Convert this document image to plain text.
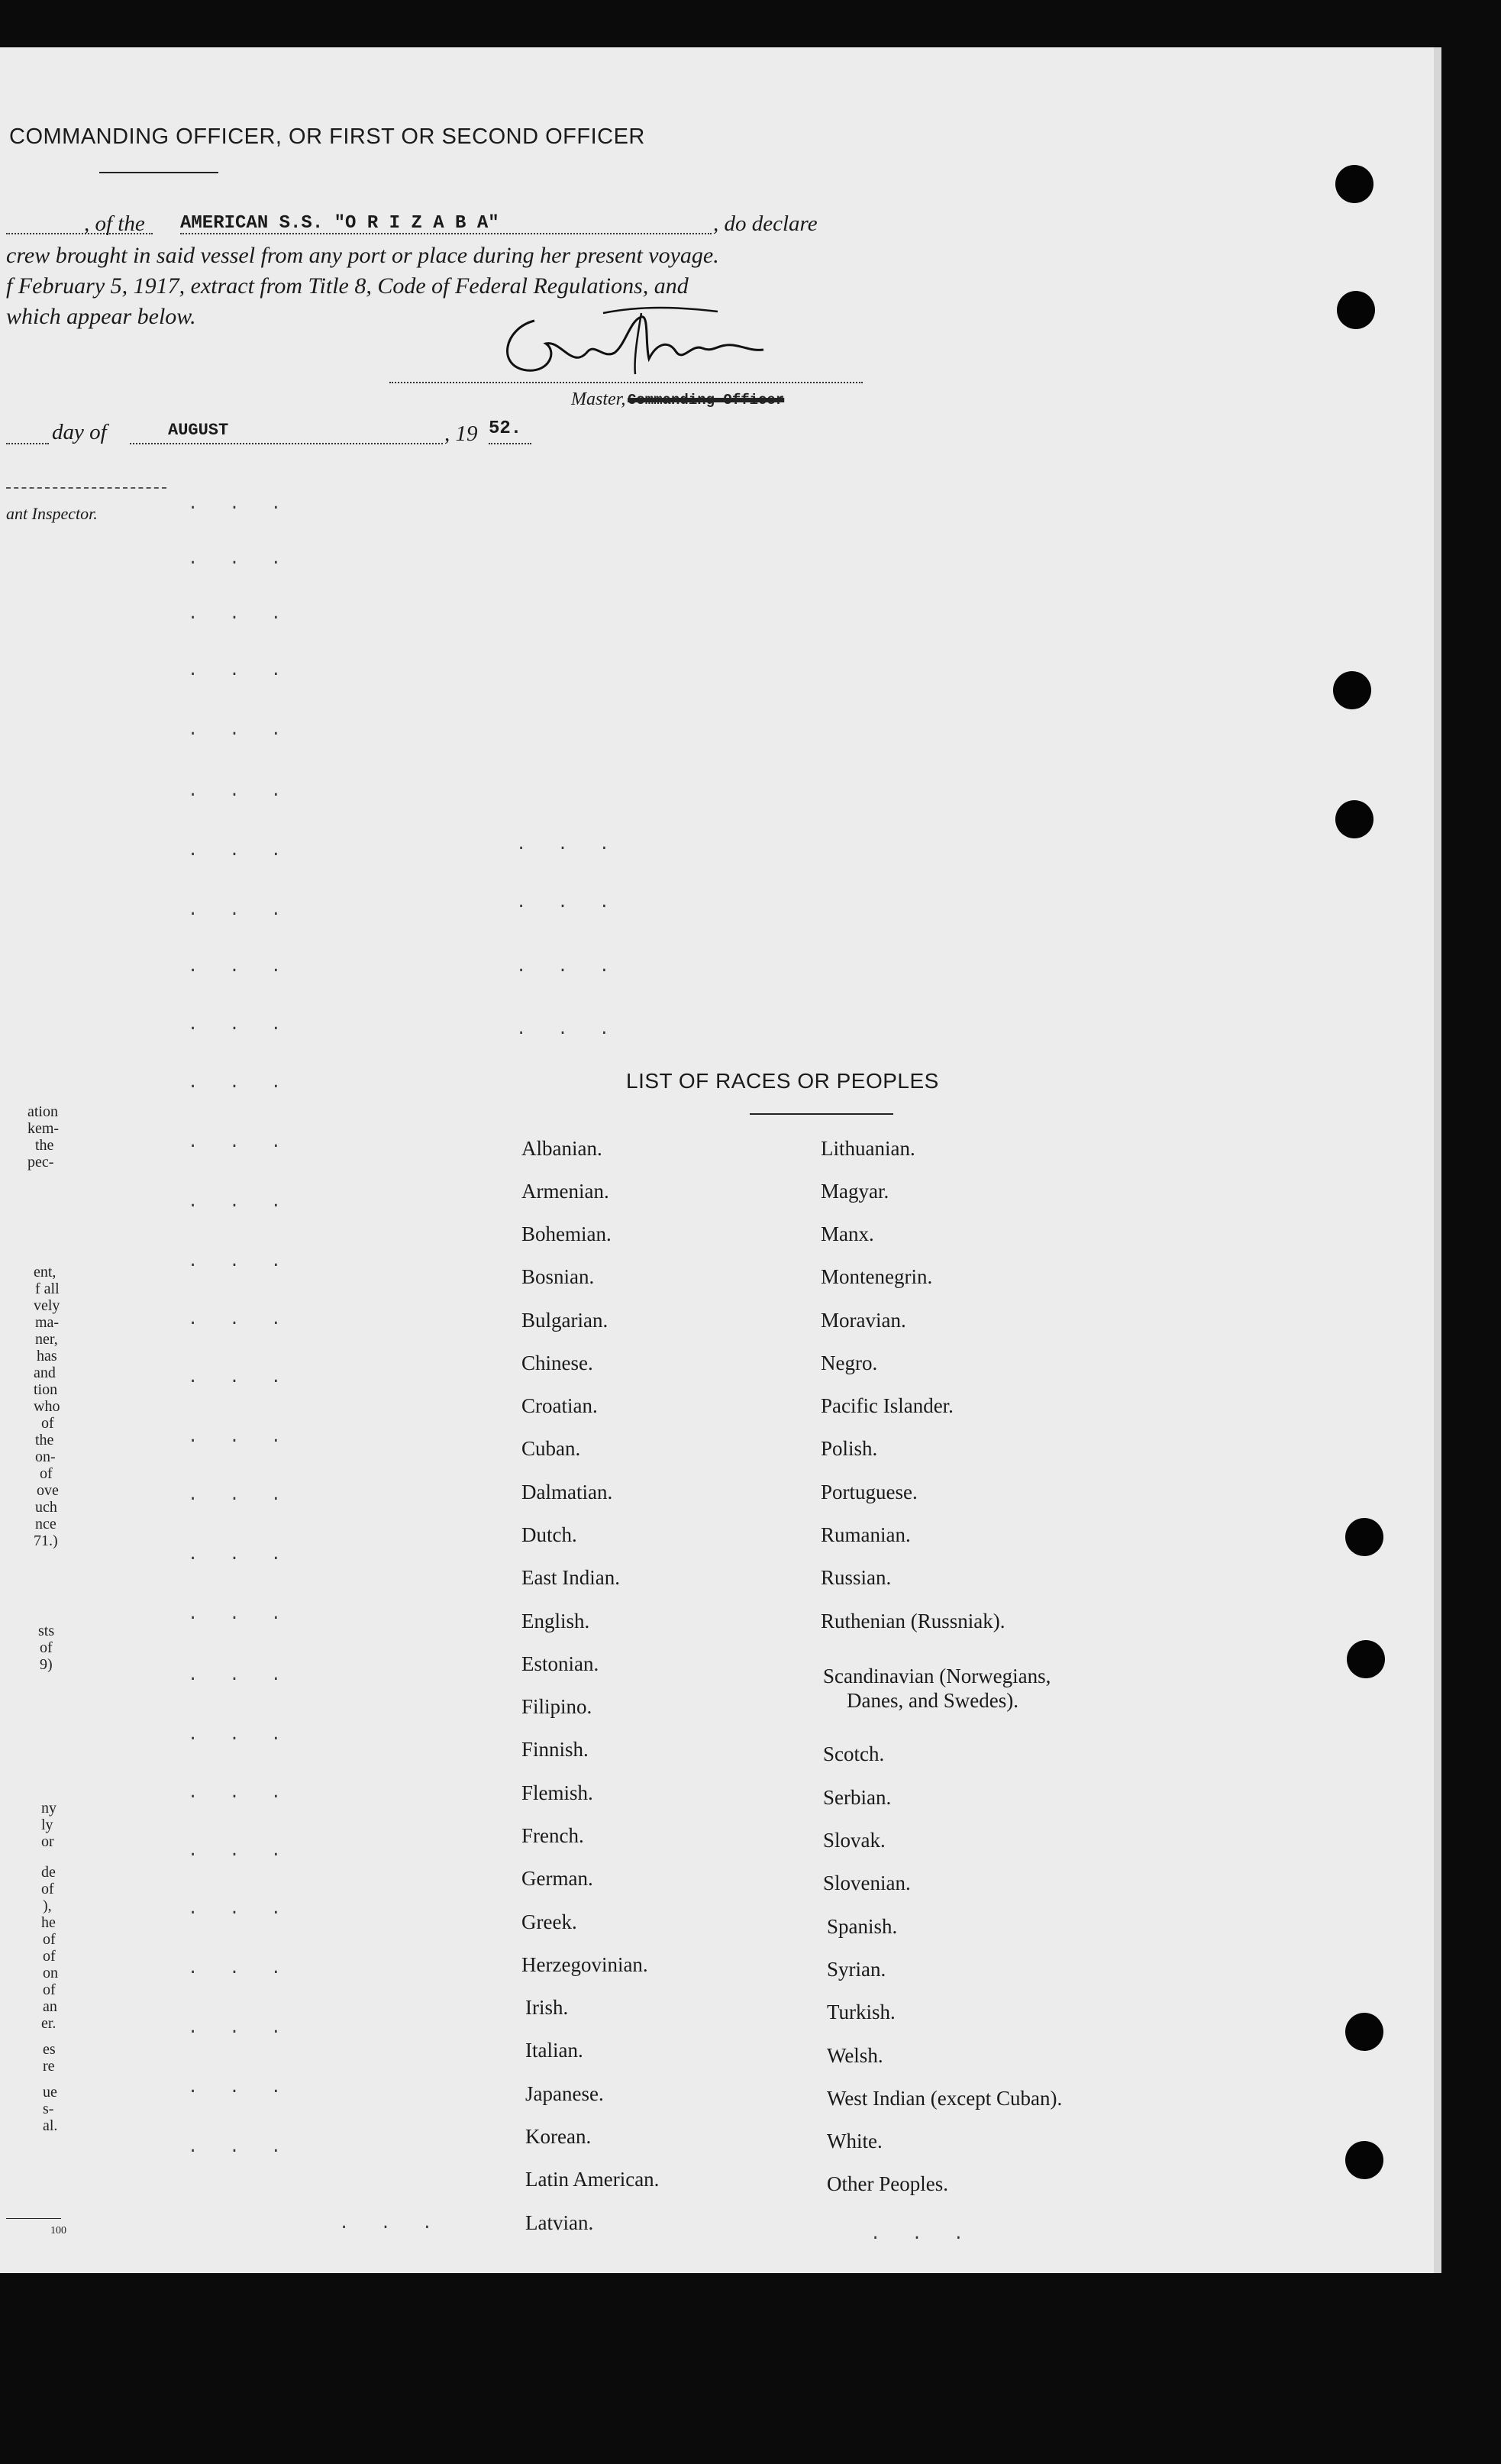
COMMANDING OFFICER, OR FIRST OR SECOND OFFICER
, of the AMERICAN S.S. "O R I Z A B A"	, do declare
crew brought in said vessel from any port or place during her present voyage.
f February 5, 1917, extract from Title 8, Code of Federal Regulations, and
which appear below.
Master, Commanding Officer
day of	AUGUST	, 19 52.
ant Inspector.	. . .
. . .
. . .
. . .
. . .
. . .
. . .
. . .
. . .
. . .
. . .
. . .
. . .
. . .
. . .
. . .
. . .
. . .
. . .
. . .
. . .
. . .
. . .
. . .
. . .
. . .
. . .
. . .
. . .
. . .
. . .
. . .
. . .
. . .
. . .
ation
kem-
the
pec-
ent,
f all
vely
ma-
ner,
has
and
tion
who
of
the
on-
of
ove
uch
nce
71.)
sts
of
9)
ny
ly
or
de
of
),
he
of
of
on
of
an
er.
es
re
ue
s-
al.
100
LIST OF RACES OR PEOPLES
Albanian.
Armenian.
Bohemian.
Bosnian.
Bulgarian.
Chinese.
Croatian.
Cuban.
Dalmatian.
Dutch.
East Indian.
English.
Estonian.
Filipino.
Finnish.
Flemish.
French.
German.
Greek.
Herzegovinian.
Irish.
Italian.
Japanese.
Korean.
Latin American.
Latvian.
Lithuanian.
Magyar.
Manx.
Montenegrin.
Moravian.
Negro.
Pacific Islander.
Polish.
Portuguese.
Rumanian.
Russian.
Ruthenian (Russniak).
Scandinavian (Norwegians,
Danes, and Swedes).
Scotch.
Serbian.
Slovak.
Slovenian.
Spanish.
Syrian.
Turkish.
Welsh.
West Indian (except Cuban).
White.
Other Peoples.
